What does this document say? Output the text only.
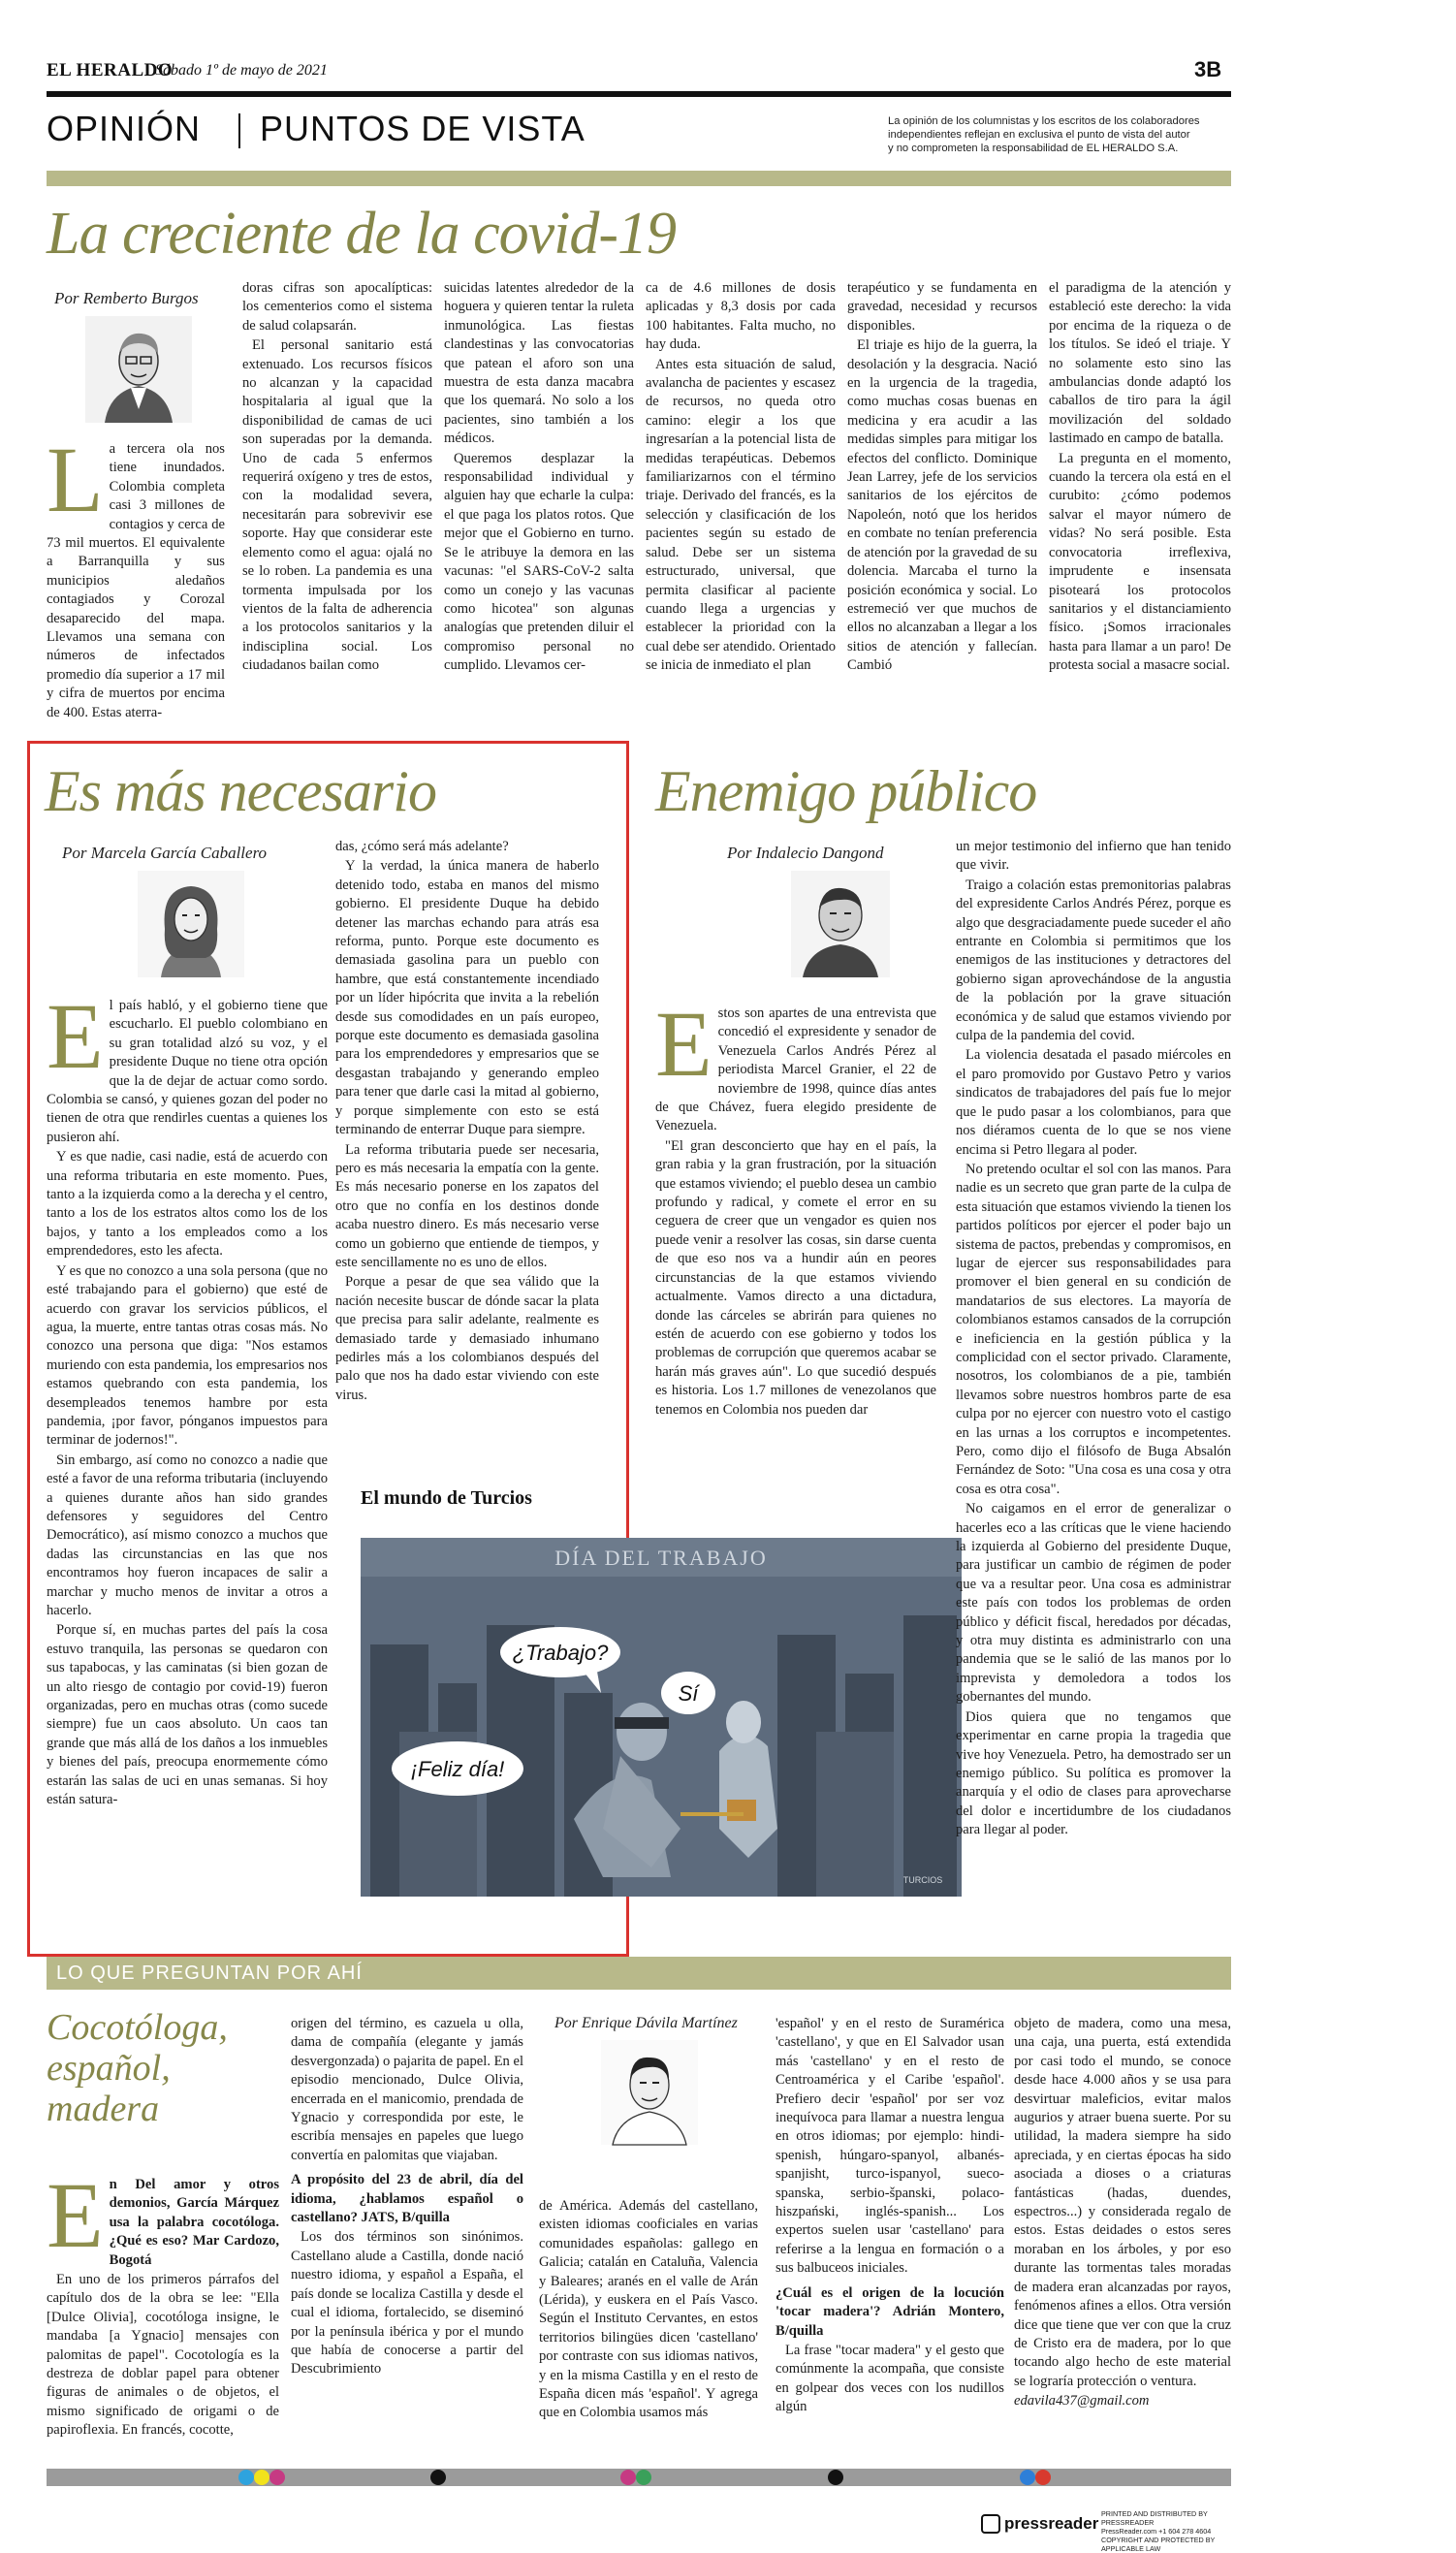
EL HERALDO
Sábado 1º de mayo de 2021	3B
OPINIÓN PUNTOS DE VISTA	La opinión de los columnistas y los escritos de los colaboradores
independientes reflejan en exclusiva el punto de vista del autor
y no comprometen la responsabilidad de EL HERALDO S.A.
La creciente de la covid-19
Por Remberto Burgos
L a tercera ola nos tiene inundados. Colombia completa casi 3 millones de contagios y cerca de 73 mil muertos. El equivalente a Barranquilla y sus municipios aledaños contagiados y Corozal desaparecido del mapa. Llevamos una semana con números de infectados promedio día superior a 17 mil y cifra de muertos por encima de 400. Estas aterra-

doras cifras son apocalípticas: los cementerios como el sistema de salud colapsarán.

El personal sanitario está extenuado. Los recursos físicos no alcanzan y la capacidad hospitalaria al igual que la disponibilidad de camas de uci son superadas por la demanda. Uno de cada 5 enfermos requerirá oxígeno y tres de estos, con la modalidad severa, necesitarán para sobrevivir ese soporte. Hay que considerar este elemento como el agua: ojalá no se lo roben. La pandemia es una tormenta impulsada por los vientos de la falta de adherencia a los protocolos sanitarios y la indisciplina social. Los ciudadanos bailan como

suicidas latentes alrededor de la hoguera y quieren tentar la ruleta inmunológica. Las fiestas clandestinas y las convocatorias que patean el aforo son una muestra de esta danza macabra que los quemará. No solo a los pacientes, sino también a los médicos.

Queremos desplazar la responsabilidad individual y alguien hay que echarle la culpa: el que paga los platos rotos. Que mejor que el Gobierno en turno. Se le atribuye la demora en las vacunas: "el SARS-CoV-2 salta como un conejo y las vacunas como hicotea" son algunas analogías que pretenden diluir el compromiso personal no cumplido. Llevamos cer-

ca de 4.6 millones de dosis aplicadas y 8,3 dosis por cada 100 habitantes. Falta mucho, no hay duda.

Antes esta situación de salud, avalancha de pacientes y escasez de recursos, no queda otro camino: elegir a los que ingresarían a la potencial lista de medidas terapéuticas. Debemos familiarizarnos con el término triaje. Derivado del francés, es la selección y clasificación de los pacientes según su estado de salud. Debe ser un sistema estructurado, universal, que permita clasificar al paciente cuando llega a urgencias y establecer la prioridad con la cual debe ser atendido. Orientado se inicia de inmediato el plan

terapéutico y se fundamenta en gravedad, necesidad y recursos disponibles.

El triaje es hijo de la guerra, la desolación y la desgracia. Nació en la urgencia de la tragedia, como muchas cosas buenas en medicina y era acudir a las medidas simples para mitigar los efectos del conflicto. Dominique Jean Larrey, jefe de los servicios sanitarios de los ejércitos de Napoleón, notó que los heridos en combate no tenían preferencia de atención por la gravedad de su dolencia. Marcaba el turno la posición económica y social. Lo estremeció ver que muchos de ellos no alcanzaban a llegar a los sitios de atención y fallecían. Cambió

el paradigma de la atención y estableció este derecho: la vida por encima de la riqueza o de los títulos. Se ideó el triaje. Y no solamente esto sino las ambulancias donde adaptó los caballos de tiro para la ágil movilización del soldado lastimado en campo de batalla.

La pregunta en el momento, cuando la tercera ola está en el curubito: ¿cómo podemos salvar el mayor número de vidas? No será posible. Esta convocatoria irreflexiva, imprudente e insensata pisoteará los protocolos sanitarios y el distanciamiento físico. ¡Somos irracionales hasta para llamar a un paro! De protesta social a masacre social.

Es más necesario
Por Marcela García Caballero
E l país habló, y el gobierno tiene que escucharlo. El pueblo colombiano en su gran totalidad alzó su voz, y el presidente Duque no tiene otra opción que la de dejar de actuar como sordo. Colombia se cansó, y quienes gozan del poder no tienen de otra que rendirles cuentas a quienes los pusieron ahí.

Y es que nadie, casi nadie, está de acuerdo con una reforma tributaria en este momento. Pues, tanto a la izquierda como a la derecha y el centro, tanto a los de los estratos altos como los de los bajos, y tanto a los empleados como a los emprendedores, esto les afecta.

Y es que no conozco a una sola persona (que no esté trabajando para el gobierno) que esté de acuerdo con gravar los servicios públicos, el agua, la muerte, entre tantas otras cosas más. No conozco una persona que diga: "Nos estamos muriendo con esta pandemia, los empresarios nos estamos quebrando con esta pandemia, los desempleados tenemos hambre por esta pandemia, ¡por favor, pónganos impuestos para terminar de jodernos!".

Sin embargo, así como no conozco a nadie que esté a favor de una reforma tributaria (incluyendo a quienes durante años han sido grandes defensores y seguidores del Centro Democrático), así mismo conozco a muchos que dadas las circunstancias en las que nos encontramos hoy fueron incapaces de salir a marchar y mucho menos de invitar a otros a hacerlo.

Porque sí, en muchas partes del país la cosa estuvo tranquila, las personas se quedaron con sus tapabocas, y las caminatas (si bien gozan de un alto riesgo de contagio por covid-19) fueron organizadas, pero en muchas otras (como sucede siempre) fue un caos absoluto. Un caos tan grande que más allá de los daños a los inmuebles y bienes del país, preocupa enormemente cómo estarán las salas de uci en unas semanas. Si hoy están satura-

das, ¿cómo será más adelante?

Y la verdad, la única manera de haberlo detenido todo, estaba en manos del mismo gobierno. El presidente Duque ha debido detener las marchas echando para atrás esa reforma, punto. Porque este documento es demasiada gasolina para un pueblo con hambre, que está constantemente incendiado por un líder hipócrita que invita a la rebelión desde sus comodidades en un país europeo, porque este documento es demasiada gasolina para los emprendedores y empresarios que se desgastan trabajando y generando empleo para tener que darle casi la mitad al gobierno, y porque simplemente con esto se está terminando de enterrar Duque para siempre.

La reforma tributaria puede ser necesaria, pero es más necesaria la empatía con la gente. Es más necesario ponerse en los zapatos del otro que no confía en los destinos donde acaba nuestro dinero. Es más necesario verse como un gobierno que entiende de tiempos, y este sencillamente no es uno de ellos.

Porque a pesar de que sea válido que la nación necesite buscar de dónde sacar la plata que precisa para salir adelante, realmente es demasiado tarde y demasiado inhumano pedirles más a los colombianos después del palo que nos ha dado estar viviendo con este virus.

El mundo de Turcios
¿Trabajo?
Sí
¡Feliz día!
DÍA DEL TRABAJO
TURCIOS
Enemigo público
Por Indalecio Dangond
E stos son apartes de una entrevista que concedió el expresidente y senador de Venezuela Carlos Andrés Pérez al periodista Marcel Granier, el 22 de noviembre de 1998, quince días antes de que Chávez, fuera elegido presidente de Venezuela.

"El gran desconcierto que hay en el país, la gran rabia y la gran frustración, por la situación que estamos viviendo; el pueblo desea un cambio profundo y radical, y comete el error en su ceguera de creer que un vengador es quien nos puede venir a resolver las cosas, sin darse cuenta de que eso nos va a hundir aún en peores circunstancias de la que estamos viviendo actualmente. Vamos directo a una dictadura, donde las cárceles se abrirán para quienes no estén de acuerdo con ese gobierno y todos los problemas de corrupción que queremos acabar se harán más graves aún". Lo que sucedió después es historia. Los 1.7 millones de venezolanos que tenemos en Colombia nos pueden dar

un mejor testimonio del infierno que han tenido que vivir.

Traigo a colación estas premonitorias palabras del expresidente Carlos Andrés Pérez, porque es algo que desgraciadamente puede suceder el año entrante en Colombia si permitimos que los enemigos de las instituciones y detractores del gobierno sigan aprovechándose de la angustia de la población por la grave situación económica y de salud que estamos viviendo por culpa de la pandemia del covid.

La violencia desatada el pasado miércoles en el paro promovido por Gustavo Petro y varios sindicatos de trabajadores del país fue lo mejor que le pudo pasar a los colombianos, para que nos diéramos cuenta de lo que se nos viene encima si Petro llegara al poder.

No pretendo ocultar el sol con las manos. Para nadie es un secreto que gran parte de la culpa de esta situación que estamos viviendo la tienen los partidos políticos por ejercer el poder bajo un sistema de pactos, prebendas y compromisos, en lugar de ejercer sus responsabilidades para promover el bien general en su condición de mandatarios de sus electores. La mayoría de colombianos estamos cansados de la corrupción e ineficiencia en la gestión pública y la complicidad con el sector privado. Claramente, nosotros, los colombianos de a pie, también llevamos sobre nuestros hombros parte de esa culpa por no ejercer con nuestro voto el castigo en las urnas a los corruptos e incompetentes. Pero, como dijo el filósofo de Buga Absalón Fernández de Soto: "Una cosa es una cosa y otra cosa es otra cosa".

No caigamos en el error de generalizar o hacerles eco a las críticas que le viene haciendo la izquierda al Gobierno del presidente Duque, para justificar un cambio de régimen de poder que va a resultar peor. Una cosa es administrar este país con todos los problemas de orden público y déficit fiscal, heredados por décadas, y otra muy distinta es administrarlo con una pandemia que se le salió de las manos por lo imprevista y demoledora a todos los gobernantes del mundo.

Dios quiera que no tengamos que experimentar en carne propia la tragedia que vive hoy Venezuela. Petro, ha demostrado ser un enemigo público. Su política es promover la anarquía y el odio de clases para aprovecharse del dolor e incertidumbre de los ciudadanos para llegar al poder.

LO QUE PREGUNTAN POR AHÍ
Cocotóloga,
español,
madera
Por Enrique Dávila Martínez
E n Del amor y otros demonios, García Márquez usa la palabra cocotóloga. ¿Qué es eso? Mar Cardozo, Bogotá

En uno de los primeros párrafos del capítulo dos de la obra se lee: "Ella [Dulce Olivia], cocotóloga insigne, le mandaba [a Ygnacio] mensajes con palomitas de papel". Cocotología es la destreza de doblar papel para obtener figuras de animales o de objetos, el mismo significado de origami o de papiroflexia. En francés, cocotte,

origen del término, es cazuela u olla, dama de compañía (elegante y jamás desvergonzada) o pajarita de papel. En el episodio mencionado, Dulce Olivia, encerrada en el manicomio, prendada de Ygnacio y correspondida por este, le escribía mensajes en papeles que luego convertía en palomitas que viajaban.

A propósito del 23 de abril, día del idioma, ¿hablamos español o castellano? JATS, B/quilla

Los dos términos son sinónimos. Castellano alude a Castilla, donde nació nuestro idioma, y español a España, el país donde se localiza Castilla y desde el cual el idioma, fortalecido, se diseminó por la península ibérica y por el mundo que había de conocerse a partir del Descubrimiento

de América. Además del castellano, existen idiomas cooficiales en varias comunidades españolas: gallego en Galicia; catalán en Cataluña, Valencia y Baleares; aranés en el valle de Arán (Lérida), y euskera en el País Vasco. Según el Instituto Cervantes, en estos territorios bilingües dicen 'castellano' por contraste con sus idiomas nativos, y en la misma Castilla y en el resto de España dicen más 'español'. Y agrega que en Colombia usamos más

'español' y en el resto de Suramérica 'castellano', y que en El Salvador usan más 'castellano' y en el resto de Centroamérica y el Caribe 'español'. Prefiero decir 'español' por ser voz inequívoca para llamar a nuestra lengua en otros idiomas; por ejemplo: hindi-spenish, húngaro-spanyol, albanés-spanjisht, turco-ispanyol, sueco-spanska, serbio-španski, polaco-hiszpański, inglés-spanish... Los expertos suelen usar 'castellano' para referirse a la lengua en formación o a sus balbuceos iniciales.

¿Cuál es el origen de la locución 'tocar madera'? Adrián Montero, B/quilla

La frase "tocar madera" y el gesto que comúnmente la acompaña, que consiste en golpear dos veces con los nudillos algún

objeto de madera, como una mesa, una caja, una puerta, está extendida por casi todo el mundo, se conoce desde hace 4.000 años y se usa para desvirtuar maleficios, evitar malos augurios y atraer buena suerte. Por su utilidad, la madera siempre ha sido apreciada, y en ciertas épocas ha sido asociada a dioses o a criaturas fantásticas (hadas, duendes, espectros...) y considerada regalo de estos. Estas deidades o estos seres moraban en los árboles, y por eso durante las tormentas tales moradas de madera eran alcanzadas por rayos, fenómenos afines a ellos. Otra versión dice que tiene que ver con que la cruz de Cristo era de madera, por lo que tocando algo hecho de este material se lograría protección o ventura.

edavila437@gmail.com

pressreader
PRINTED AND DISTRIBUTED BY PRESSREADER
PressReader.com +1 604 278 4604
COPYRIGHT AND PROTECTED BY APPLICABLE LAW
